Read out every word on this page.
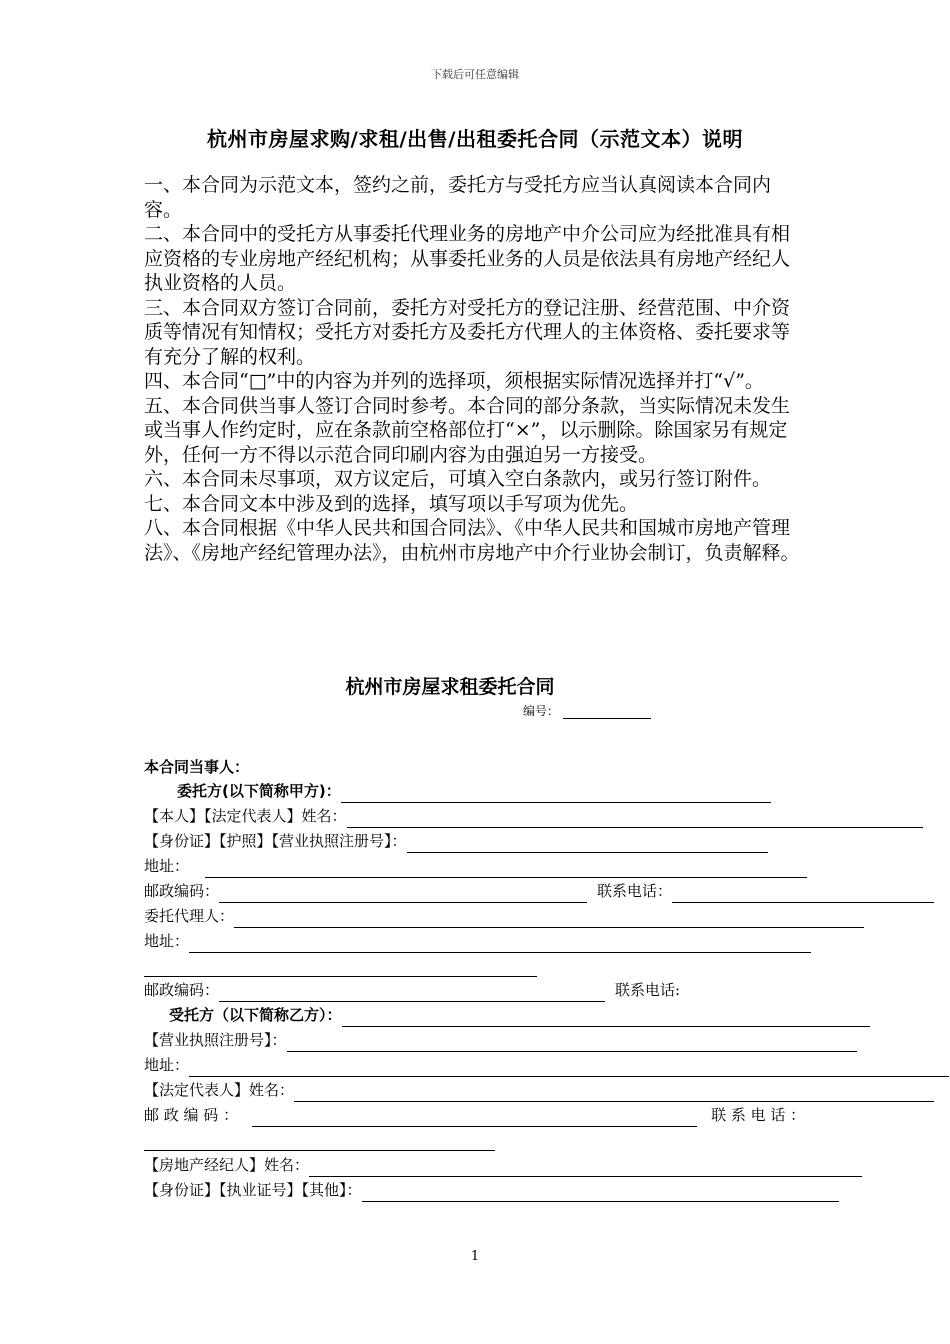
下载后可任意编辑
杭州市房屋求购/求租/出售/出租委托合同（示范文本）说明

一、本合同为示范文本，签约之前，委托方与受托方应当认真阅读本合同内容。

二、本合同中的受托方从事委托代理业务的房地产中介公司应为经批准具有相应资格的专业房地产经纪机构；从事委托业务的人员是依法具有房地产经纪人执业资格的人员。

三、本合同双方签订合同前，委托方对受托方的登记注册、经营范围、中介资质等情况有知情权；受托方对委托方及委托方代理人的主体资格、委托要求等有充分了解的权利。

四、本合同“□”中的内容为并列的选择项，须根据实际情况选择并打“√”。

五、本合同供当事人签订合同时参考。本合同的部分条款，当实际情况未发生或当事人作约定时，应在条款前空格部位打“×”，以示删除。除国家另有规定外，任何一方不得以示范合同印刷内容为由强迫另一方接受。

六、本合同未尽事项，双方议定后，可填入空白条款内，或另行签订附件。

七、本合同文本中涉及到的选择，填写项以手写项为优先。

八、本合同根据《中华人民共和国合同法》、《中华人民共和国城市房地产管理法》、《房地产经纪管理办法》，由杭州市房地产中介行业协会制订，负责解释。

杭州市房屋求租委托合同
编号：
本合同当事人：
委托方(以下简称甲方)：
【本人】【法定代表人】姓名：
【身份证】【护照】【营业执照注册号】：
地址：
邮政编码：	联系电话：
委托代理人：
地址：
邮政编码：	联系电话:
受托方（以下简称乙方）：
【营业执照注册号】：
地址：
【法定代表人】姓名：
邮 政 编 码 ：	联 系 电 话 ：
【房地产经纪人】姓名：
【身份证】【执业证号】【其他】：
1
